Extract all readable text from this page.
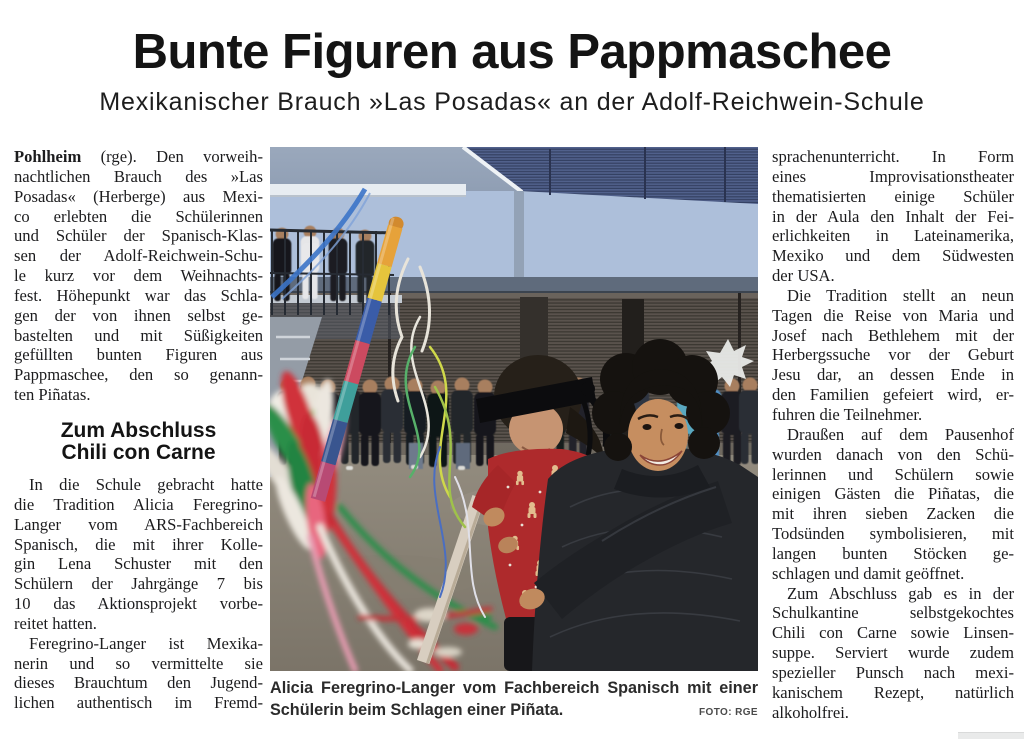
Bunte Figuren aus Pappmaschee
Mexikanischer Brauch »Las Posadas« an der Adolf-Reichwein-Schule
Pohlheim (rge). Den vorweih-
nachtlichen Brauch des »Las
Posadas« (Herberge) aus Mexi-
co erlebten die Schülerinnen
und Schüler der Spanisch-Klas-
sen der Adolf-Reichwein-Schu-
le kurz vor dem Weihnachts-
fest. Höhepunkt war das Schla-
gen der von ihnen selbst ge-
bastelten und mit Süßigkeiten
gefüllten bunten Figuren aus
Pappmaschee, den so genann-
ten Piñatas.
Zum Abschluss
Chili con Carne
In die Schule gebracht hatte
die Tradition Alicia Feregrino-
Langer vom ARS-Fachbereich
Spanisch, die mit ihrer Kolle-
gin Lena Schuster mit den
Schülern der Jahrgänge 7 bis
10 das Aktionsprojekt vorbe-
reitet hatten.
Feregrino-Langer ist Mexika-
nerin und so vermittelte sie
dieses Brauchtum den Jugend-
lichen authentisch im Fremd-
Alicia Feregrino-Langer vom Fachbereich Spanisch mit einer
Schülerin beim Schlagen einer Piñata.	FOTO: RGE
sprachenunterricht. In Form
eines Improvisationstheater
thematisierten einige Schüler
in der Aula den Inhalt der Fei-
erlichkeiten in Lateinamerika,
Mexiko und dem Südwesten
der USA.
Die Tradition stellt an neun
Tagen die Reise von Maria und
Josef nach Bethlehem mit der
Herbergssuche vor der Geburt
Jesu dar, an dessen Ende in
den Familien gefeiert wird, er-
fuhren die Teilnehmer.
Draußen auf dem Pausenhof
wurden danach von den Schü-
lerinnen und Schülern sowie
einigen Gästen die Piñatas, die
mit ihren sieben Zacken die
Todsünden symbolisieren, mit
langen bunten Stöcken ge-
schlagen und damit geöffnet.
Zum Abschluss gab es in der
Schulkantine selbstgekochtes
Chili con Carne sowie Linsen-
suppe. Serviert wurde zudem
spezieller Punsch nach mexi-
kanischem Rezept, natürlich
alkoholfrei.
